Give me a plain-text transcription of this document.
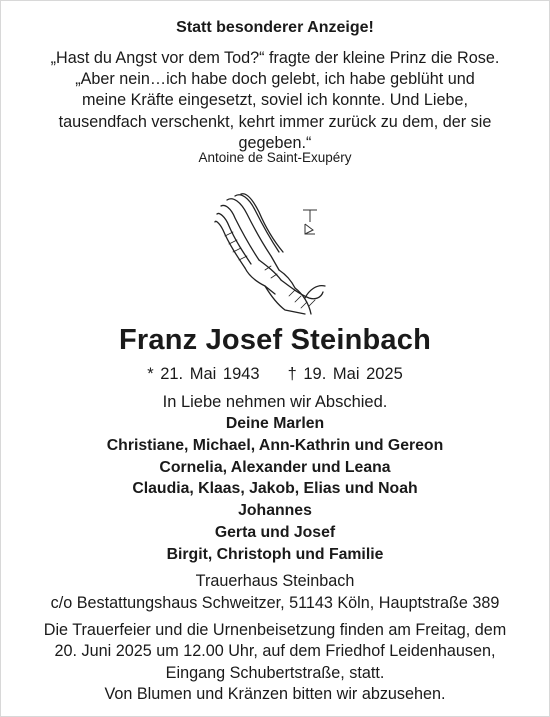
Statt besonderer Anzeige!

„Hast du Angst vor dem Tod?“ fragte der kleine Prinz die Rose.

„Aber nein…ich habe doch gelebt, ich habe geblüht und

meine Kräfte eingesetzt, soviel ich konnte. Und Liebe,

tausendfach verschenkt, kehrt immer zurück zu dem, der sie

gegeben.“

Antoine de Saint-Exupéry

Franz Josef Steinbach

* 21. Mai 1943 † 19. Mai 2025

In Liebe nehmen wir Abschied.

Deine Marlen

Christiane, Michael, Ann-Kathrin und Gereon

Cornelia, Alexander und Leana

Claudia, Klaas, Jakob, Elias und Noah

Johannes

Gerta und Josef

Birgit, Christoph und Familie

Trauerhaus Steinbach

c/o Bestattungshaus Schweitzer, 51143 Köln, Hauptstraße 389

Die Trauerfeier und die Urnenbeisetzung finden am Freitag, dem

20. Juni 2025 um 12.00 Uhr, auf dem Friedhof Leidenhausen,

Eingang Schubertstraße, statt.

Von Blumen und Kränzen bitten wir abzusehen.
